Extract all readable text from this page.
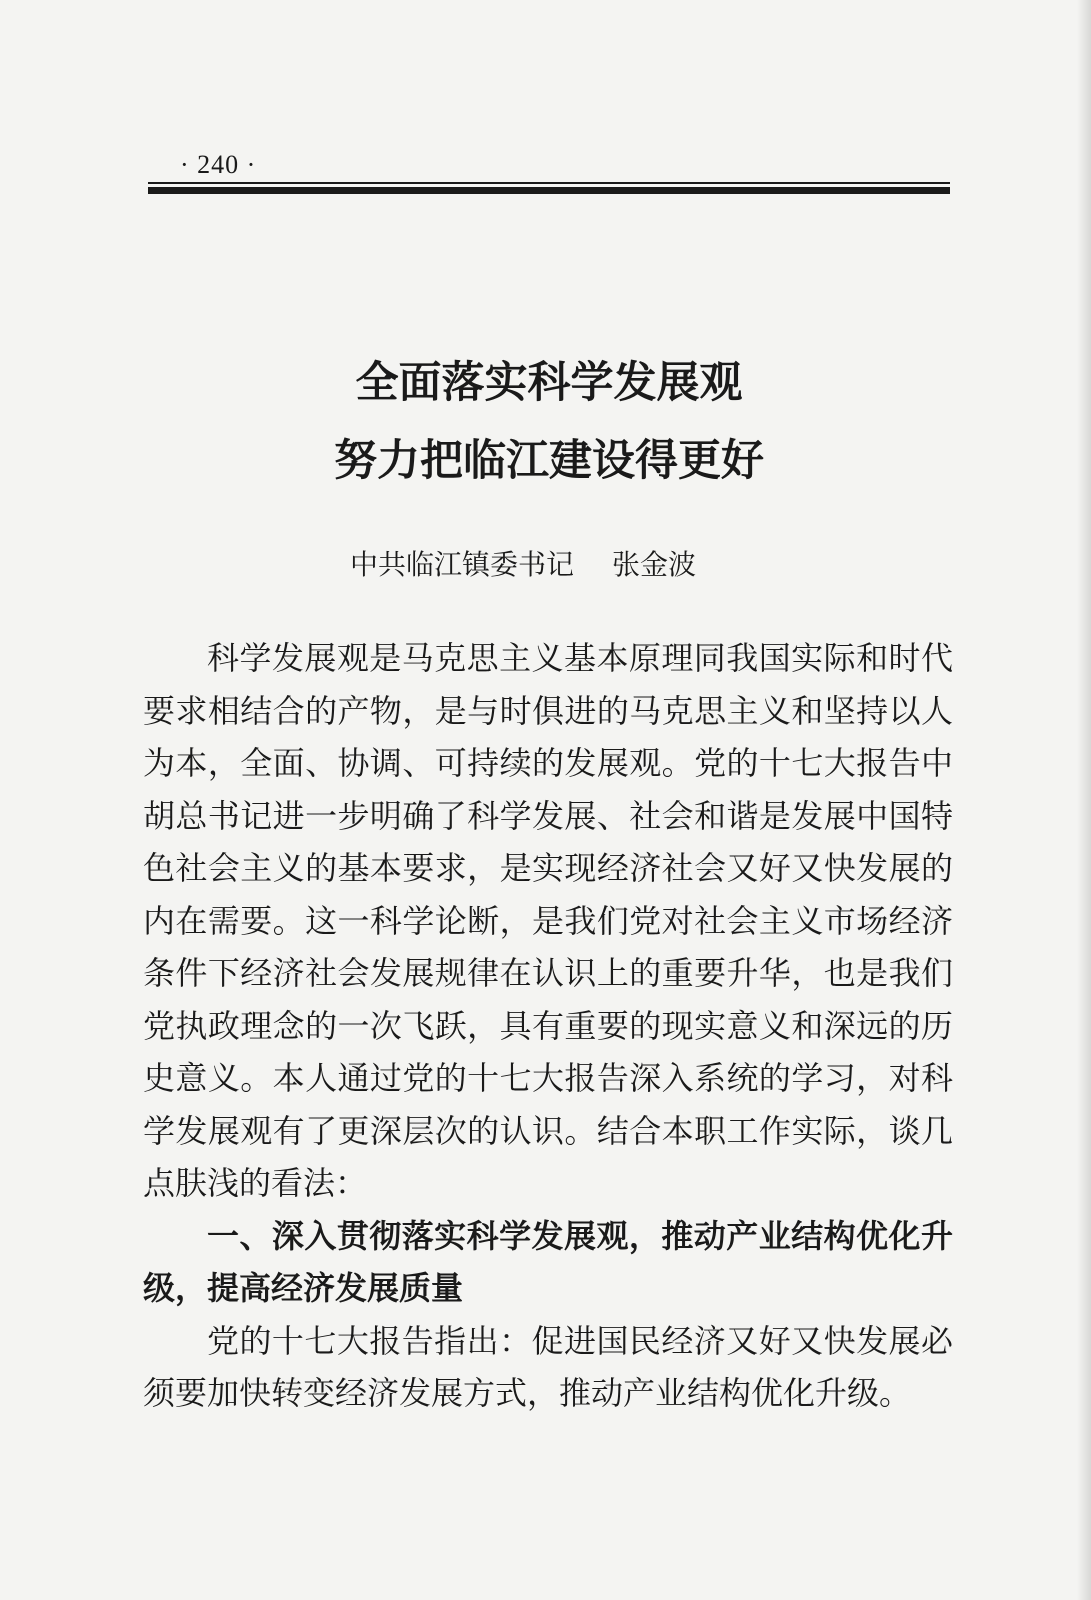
· 240 ·
全面落实科学发展观
努力把临江建设得更好
中共临江镇委书记 张金波

科学发展观是马克思主义基本原理同我国实际和时代要求相结合的产物，是与时俱进的马克思主义和坚持以人为本，全面、协调、可持续的发展观。党的十七大报告中胡总书记进一步明确了科学发展、社会和谐是发展中国特色社会主义的基本要求，是实现经济社会又好又快发展的内在需要。这一科学论断，是我们党对社会主义市场经济条件下经济社会发展规律在认识上的重要升华，也是我们党执政理念的一次飞跃，具有重要的现实意义和深远的历史意义。本人通过党的十七大报告深入系统的学习，对科学发展观有了更深层次的认识。结合本职工作实际，谈几点肤浅的看法：

一、深入贯彻落实科学发展观，推动产业结构优化升级，提高经济发展质量

党的十七大报告指出：促进国民经济又好又快发展必须要加快转变经济发展方式，推动产业结构优化升级。
